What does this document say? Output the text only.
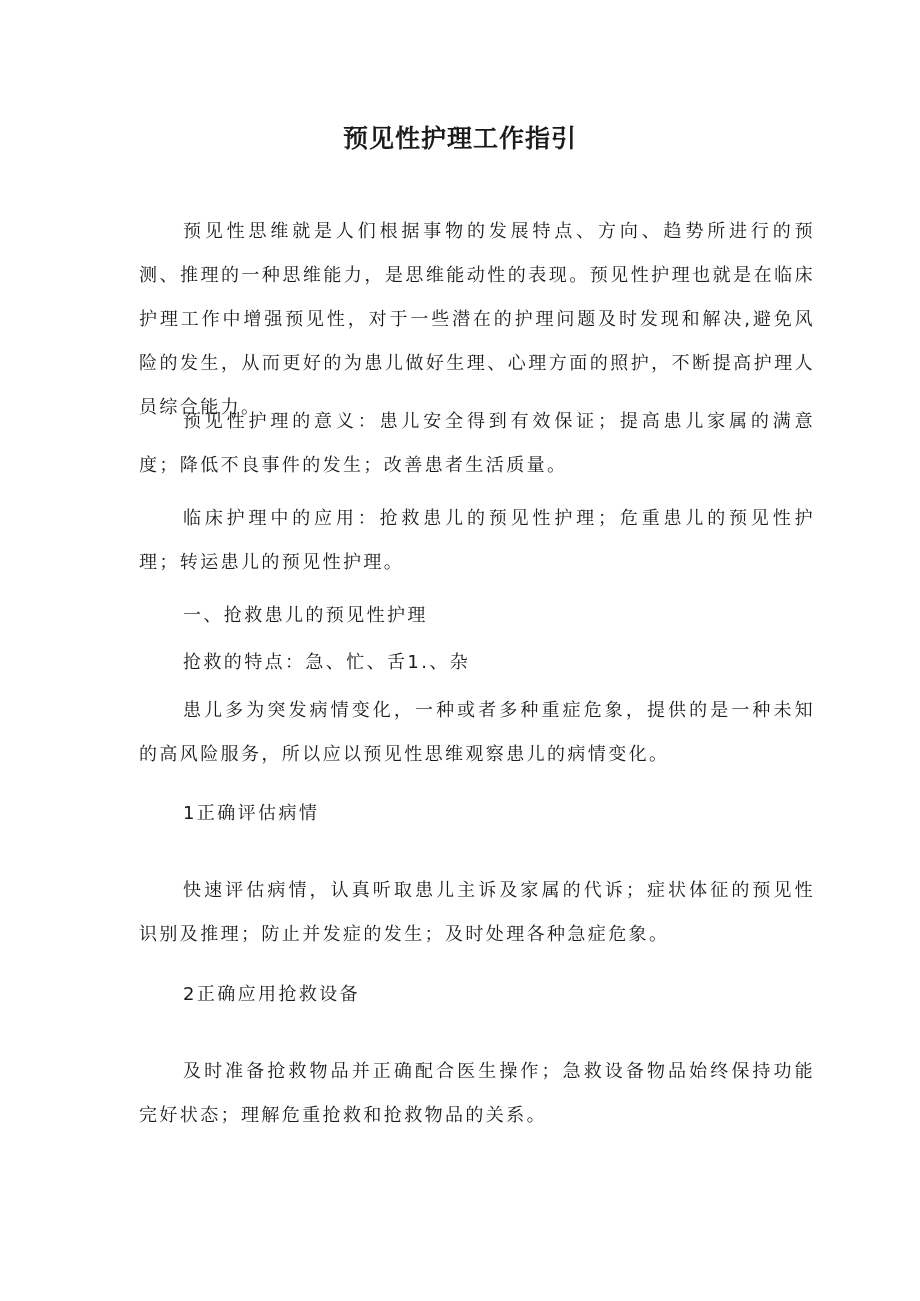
预见性护理工作指引

预见性思维就是人们根据事物的发展特点、方向、趋势所进行的预测、推理的一种思维能力，是思维能动性的表现。预见性护理也就是在临床护理工作中增强预见性，对于一些潜在的护理问题及时发现和解决,避免风险的发生，从而更好的为患儿做好生理、心理方面的照护，不断提高护理人员综合能力。

预见性护理的意义：患儿安全得到有效保证；提高患儿家属的满意度；降低不良事件的发生；改善患者生活质量。

临床护理中的应用：抢救患儿的预见性护理；危重患儿的预见性护理；转运患儿的预见性护理。

一、抢救患儿的预见性护理

抢救的特点：急、忙、舌1.、杂

患儿多为突发病情变化，一种或者多种重症危象，提供的是一种未知的高风险服务，所以应以预见性思维观察患儿的病情变化。

1正确评估病情

快速评估病情，认真听取患儿主诉及家属的代诉；症状体征的预见性识别及推理；防止并发症的发生；及时处理各种急症危象。

2正确应用抢救设备

及时准备抢救物品并正确配合医生操作；急救设备物品始终保持功能完好状态；理解危重抢救和抢救物品的关系。
